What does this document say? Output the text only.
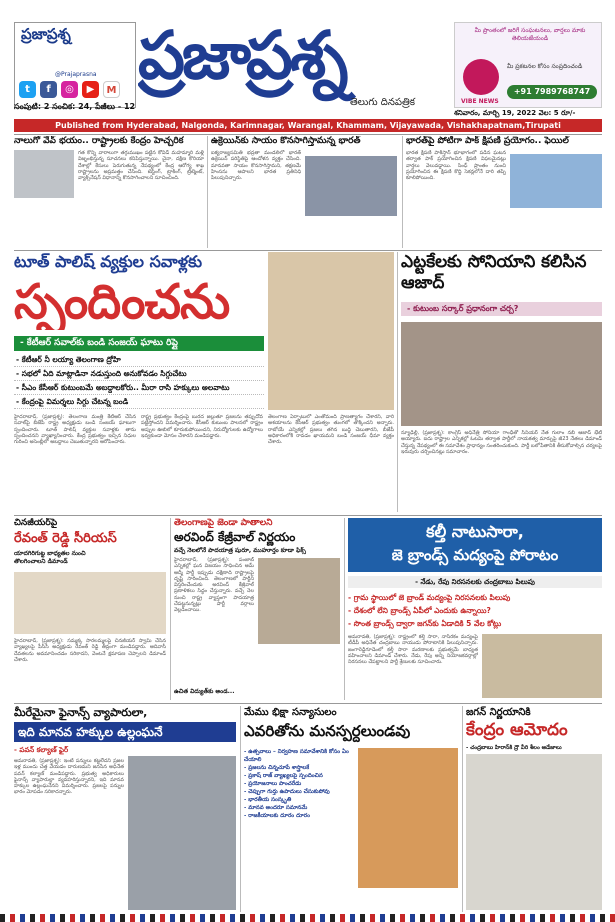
ప్రజాప్రశ్న
t	f	◎	▶	M
@Prajaprasna
సంపుటి: 2 సంచిక: 24, పేజీలు - 12
ప్రజాప్రశ్న
తెలుగు దినపత్రిక
మీ ప్రాంతంలో జరిగే సంఘటనలు, వార్తలు మాకు తెలియజేయండి
మీ ప్రకటనల కోసం సంప్రదించండి
+91 7989768747
VIBE NEWS
శనివారం, మార్చి 19, 2022 వెల: 5 రూ/-
Published from Hyderabad, Nalgonda, Karimnagar, Warangal, Khammam, Vijayawada, Vishakhapatnam,Tirupati
నాలుగో వేవ్ భయం.. రాష్ట్రాలకు కేంద్రం హెచ్చరిక
గత కొన్ని వారాలుగా తగ్గుముఖం పట్టిన కోవిడ్ మహమ్మారి మళ్లీ విజృంభిస్తున్న సూచనలు కనిపిస్తున్నాయి. చైనా, దక్షిణ కొరియా దేశాల్లో కేసులు పెరుగుతున్న నేపథ్యంలో కేంద్ర ఆరోగ్య శాఖ రాష్ట్రాలను అప్రమత్తం చేసింది. టెస్టింగ్, ట్రాకింగ్, ట్రీట్మెంట్, వ్యాక్సినేషన్ విధానాన్ని కొనసాగించాలని సూచించింది.
ఉక్రెయిన్‌కు సాయం కొనసాగిస్తామన్న భారత్
ఐక్యరాజ్యసమితి భద్రతా మండలిలో భారత్ ఉక్రెయిన్ పరిస్థితిపై ఆందోళన వ్యక్తం చేసింది. మానవతా సాయం కొనసాగిస్తామని, తక్షణమే హింసను ఆపాలని భారత ప్రతినిధి పిలుపునిచ్చారు.
భారత్‌పై పోటీగా పాక్ క్షిపణి ప్రయోగం.. ఫెయిల్
భారత క్షిపణి పాకిస్తాన్ భూభాగంలో పడిన ఘటన తర్వాత పాక్ ప్రయోగించిన క్షిపణి విఫలమైనట్లు వార్తలు వెలువడ్డాయి. సింధ్ ప్రాంతం నుంచి ప్రయోగించిన ఈ క్షిపణి కొద్ది సెకన్లలోనే దారి తప్పి కూలిపోయింది.
టూత్ పాలిష్ వ్యక్తుల సవాళ్లకు
స్పందించను
- కేటీఆర్ సవాల్‌కు బండి సంజయ్ ఘాటు రిప్లై
- కేటీఆర్ నీ లయ్యా తెలంగాణ ద్రోహి
- సభలో ఏది మాట్లాడినా నడుస్తుంది అనుకోవడం సిగ్గుచేటు
- సీఎం కేసీఆర్ కుటుంబమే అబద్దాలకోరు.. మీరా రాసి హక్కులు అలవాటు
- కేంద్రంపై విమర్శలు సిగ్గు చేటన్న బండి
హైదరాబాద్, (ప్రజాప్రశ్న): తెలంగాణ మంత్రి కేటీఆర్ చేసిన సవాల్‌పై బీజేపీ రాష్ట్ర అధ్యక్షుడు బండి సంజయ్ ఘాటుగా స్పందించారు. టూత్ పాలిష్ వ్యక్తుల సవాళ్లకు తాను స్పందించనని వ్యాఖ్యానించారు. కేంద్ర ప్రభుత్వం ఇచ్చిన నిధుల గురించి అసెంబ్లీలో అబద్దాలు చెబుతున్నారని ఆరోపించారు.
రాష్ట్ర ప్రభుత్వం కేంద్రంపై బురద జల్లుతూ ప్రజలను తప్పుదోవ పట్టిస్తోందని విమర్శించారు. కేసీఆర్ కుటుంబ పాలనలో రాష్ట్రం అప్పుల ఊబిలో కూరుకుపోయిందని, నిరుద్యోగులకు ఉద్యోగాలు ఇవ్వకుండా మోసం చేశారని మండిపడ్డారు.
తెలంగాణ ఏర్పాటులో ఎంతోమంది ప్రాణత్యాగం చేశారని, వారి ఆశయాలను కేసీఆర్ ప్రభుత్వం తుంగలో తొక్కిందని అన్నారు. రాబోయే ఎన్నికల్లో ప్రజలు తగిన బుద్ధి చెబుతారని, బీజేపీ అధికారంలోకి రావడం ఖాయమని బండి సంజయ్ ధీమా వ్యక్తం చేశారు.
ఎట్టకేలకు సోనియాని కలిసిన ఆజాద్
- కుటుంబ సర్కార్ ప్రధానంగా చర్చ?
న్యూఢిల్లీ, (ప్రజాప్రశ్న): కాంగ్రెస్ అధినేత్రి సోనియా గాంధీతో సీనియర్ నేత గులాం నబీ ఆజాద్ భేటీ అయ్యారు. ఐదు రాష్ట్రాల ఎన్నికల్లో ఓటమి తర్వాత పార్టీలో నాయకత్వ మార్పుపై జీ23 నేతలు డిమాండ్ చేస్తున్న నేపథ్యంలో ఈ సమావేశం ప్రాధాన్యం సంతరించుకుంది. పార్టీ బలోపేతానికి తీసుకోవాల్సిన చర్యలపై ఇరువురు చర్చించినట్లు సమాచారం.
చినజీయర్‌పై
రేవంత్ రెడ్డి సీరియస్
యాదగిరిగుట్ట బాధ్యతల నుంచి తొలగించాలని డిమాండ్
హైదరాబాద్, (ప్రజాప్రశ్న): సమ్మక్క సారలమ్మలపై చినజీయర్ స్వామి చేసిన వ్యాఖ్యలపై పీసీసీ అధ్యక్షుడు రేవంత్ రెడ్డి తీవ్రంగా మండిపడ్డారు. ఆదివాసీ దేవతలను అవమానించడం సరికాదని, వెంటనే క్షమాపణ చెప్పాలని డిమాండ్ చేశారు.
తెలంగాణపై జెండా పాతాలని
అరవింద్ కేజ్రీవాల్ నిర్ణయం
వచ్చే నెలలోనే పాదయాత్ర షురూ, ముహూర్తం కూడా ఫిక్స్
హైదరాబాద్, (ప్రజాప్రశ్న): పంజాబ్ ఎన్నికల్లో ఘన విజయం సాధించిన ఆమ్ ఆద్మీ పార్టీ ఇప్పుడు దక్షిణాది రాష్ట్రాలపై దృష్టి సారించింది. తెలంగాణలో పార్టీని విస్తరించేందుకు అరవింద్ కేజ్రీవాల్ ప్రణాళికలు సిద్ధం చేస్తున్నారు. వచ్చే నెల నుంచి రాష్ట్ర వ్యాప్తంగా పాదయాత్ర చేపట్టనున్నట్లు పార్టీ వర్గాలు వెల్లడించాయి.
ఉచిత విద్యుత్‌కు అండ...
కల్తీ నాటుసారా,
జె బ్రాండ్స్ మద్యంపై పోరాటం
- నేడు, రేపు నిరసనలకు చంద్రబాబు పిలుపు
- గ్రామ స్థాయిలో జె బ్రాండ్ మద్యంపై నిరసనలకు పిలుపు
- దేశంలో లేని బ్రాండ్స్ ఏపీలో ఎందుకు ఉన్నాయి?
- సొంత బ్రాండ్స్ ద్వారా జగన్‌కు ఏడాదికి 5 వేల కోట్లు
అమరావతి, (ప్రజాప్రశ్న): రాష్ట్రంలో కల్తీ సారా, నాసిరకం మద్యంపై టీడీపీ అధినేత చంద్రబాబు నాయుడు పోరాటానికి పిలుపునిచ్చారు. జంగారెడ్డిగూడెంలో కల్తీ సారా మరణాలకు ప్రభుత్వమే బాధ్యత వహించాలని డిమాండ్ చేశారు. నేడు, రేపు అన్ని నియోజకవర్గాల్లో నిరసనలు చేపట్టాలని పార్టీ శ్రేణులకు సూచించారు.
మీరేమైనా ఫైనాన్స్ వ్యాపారులా,
ఇది మానవ హక్కుల ఉల్లంఘనే
- పవన్ కల్యాణ్ ఫైర్
అమరావతి, (ప్రజాప్రశ్న): ఇంటి పన్నులు కట్టలేదని ప్రజల ఇళ్ల ముందు చెత్త వేయడం దారుణమని జనసేన అధినేత పవన్ కల్యాణ్ మండిపడ్డారు. ప్రభుత్వ అధికారులు ఫైనాన్స్ వ్యాపారుల్లా వ్యవహరిస్తున్నారని, ఇది మానవ హక్కుల ఉల్లంఘనేనని విమర్శించారు. ప్రజలపై పన్నుల భారం మోపడం సరికాదన్నారు.
మేము భిక్షా సన్యాసులం
ఎవరితోను మనస్పర్దలుండవు
- ఉత్సవాలు – నిర్వహణ సమావేశానికి కోసం ఏం చేయాలి
- ప్రజలను చిన్నచూపే శాస్త్రాలకే
- ప్రకాష్ రాజ్ వ్యాఖ్యలపై స్పందించిన
- ప్రయోజనాలు పాంచరేడు
- చెప్పుగా గుర్తు ఉపాదులు చేసుకుపోవు
- భారతీయ సంస్కృతి
- మానవ అందరూ సమానమే
- రాజకీయాలకు దూరం దూరం
జగన్ నిర్ణయానికి
కేంద్రం ఆమోదం
- చంద్రబాబు హిరాన్‌కి ద్రౌ వీరి శీలం ఆడేజాలు
